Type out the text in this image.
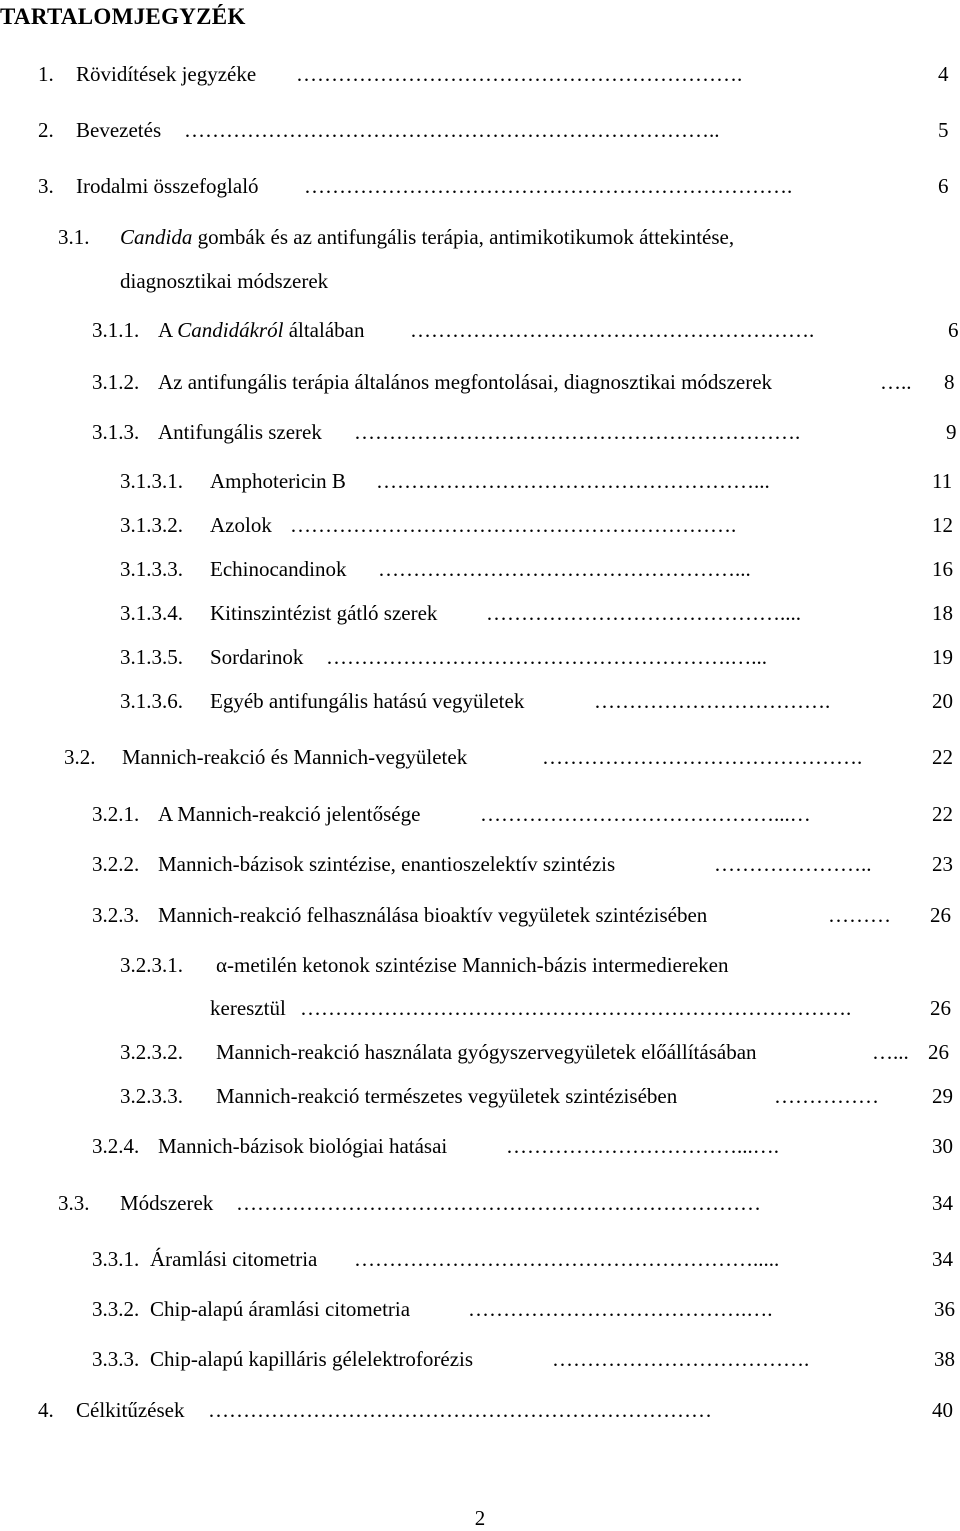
TARTALOMJEGYZÉK
1. Rövidítések jegyzéke ……………………………………………………….	4
2. Bevezetés …………………………………………………………………..	5
3. Irodalmi összefoglaló …………………………………………………………….	6
3.1. Candida gombák és az antifungális terápia, antimikotikumok áttekintése,
diagnosztikai módszerek
3.1.1. A Candidákról általában ………………………………………………….	6
3.1.2. Az antifungális terápia általános megfontolásai, diagnosztikai módszerek	…..	8
3.1.3. Antifungális szerek ……………………………………………………….	9
3.1.3.1. Amphotericin B ………………………………………………...	11
3.1.3.2. Azolok ……………………………………………………….	12
3.1.3.3. Echinocandinok ……………………………………………...	16
3.1.3.4. Kitinszintézist gátló szerek ……………………………………....	18
3.1.3.5. Sordarinok ………………………………………………….…...	19
3.1.3.6. Egyéb antifungális hatású vegyületek	…………………………….	20
3.2. Mannich-reakció és Mannich-vegyületek	……………………………………….	22
3.2.1. A Mannich-reakció jelentősége	……………………………………...…	22
3.2.2. Mannich-bázisok szintézise, enantioszelektív szintézis	…………………..	23
3.2.3. Mannich-reakció felhasználása bioaktív vegyületek szintézisében	………	26
3.2.3.1. α-metilén ketonok szintézise Mannich-bázis intermediereken
keresztül …………………………………………………………………….	26
3.2.3.2. Mannich-reakció használata gyógyszervegyületek előállításában	…... 26
3.2.3.3. Mannich-reakció természetes vegyületek szintézisében	……………	29
3.2.4. Mannich-bázisok biológiai hatásai	……………………………...….	30
3.3. Módszerek …………………………………………………………………	34
3.3.1. Áramlási citometria ………………………………………………….....	34
3.3.2. Chip-alapú áramlási citometria	………………………………….….	36
3.3.3. Chip-alapú kapilláris gélelektroforézis	……………………………….	38
4. Célkitűzések ………………………………………………………………	40
2
